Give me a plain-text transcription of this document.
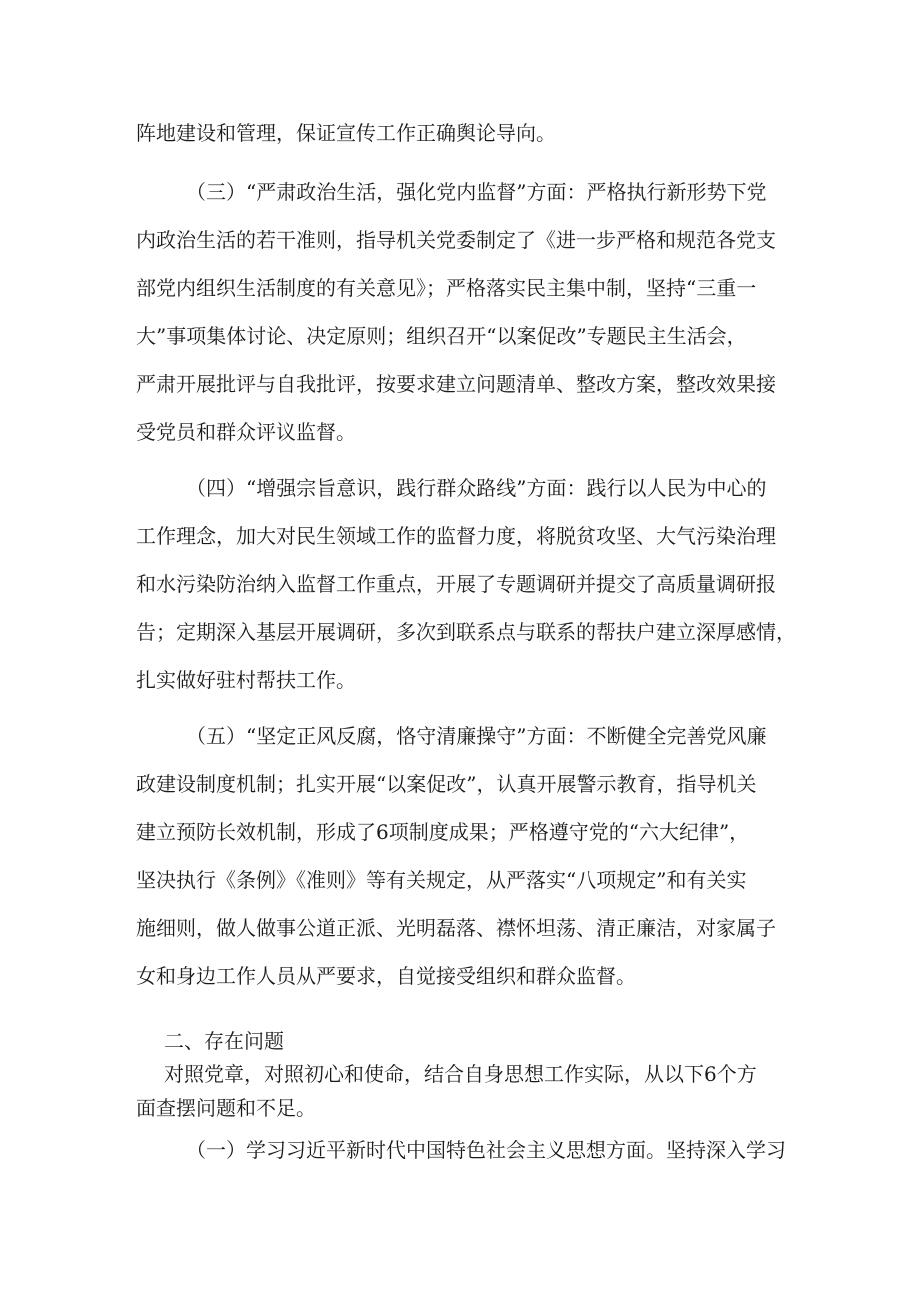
阵地建设和管理，保证宣传工作正确舆论导向。
（三）“严肃政治生活，强化党内监督”方面：严格执行新形势下党
内政治生活的若干准则，指导机关党委制定了《进一步严格和规范各党支
部党内组织生活制度的有关意见》；严格落实民主集中制，坚持“三重一
大”事项集体讨论、决定原则；组织召开“以案促改”专题民主生活会，
严肃开展批评与自我批评，按要求建立问题清单、整改方案，整改效果接
受党员和群众评议监督。
（四）“增强宗旨意识，践行群众路线”方面：践行以人民为中心的
工作理念，加大对民生领域工作的监督力度，将脱贫攻坚、大气污染治理
和水污染防治纳入监督工作重点，开展了专题调研并提交了高质量调研报
告；定期深入基层开展调研，多次到联系点与联系的帮扶户建立深厚感情，
扎实做好驻村帮扶工作。
（五）“坚定正风反腐，恪守清廉操守”方面：不断健全完善党风廉
政建设制度机制；扎实开展“以案促改”，认真开展警示教育，指导机关
建立预防长效机制，形成了6项制度成果；严格遵守党的“六大纪律”，
坚决执行《条例》《准则》等有关规定，从严落实“八项规定”和有关实
施细则，做人做事公道正派、光明磊落、襟怀坦荡、清正廉洁，对家属子
女和身边工作人员从严要求，自觉接受组织和群众监督。
二、存在问题
对照党章，对照初心和使命，结合自身思想工作实际，从以下6个方
面查摆问题和不足。
（一）学习习近平新时代中国特色社会主义思想方面。坚持深入学习
